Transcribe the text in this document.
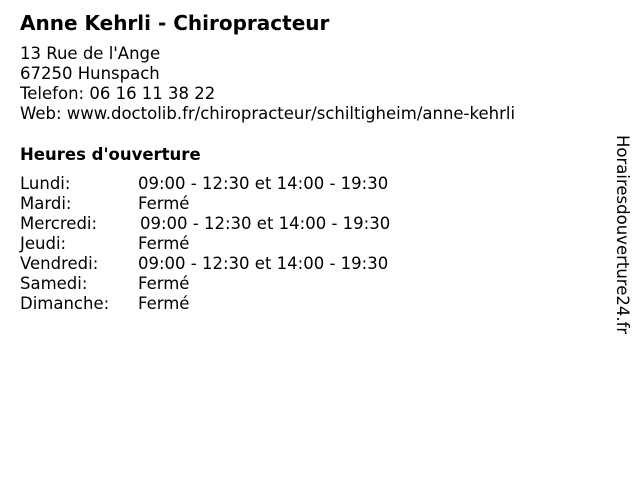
Anne Kehrli - Chiropracteur
13 Rue de l'Ange
67250 Hunspach
Telefon: 06 16 11 38 22
Web: www.doctolib.fr/chiropracteur/schiltigheim/anne-kehrli
Heures d'ouverture
Lundi:	09:00 - 12:30 et 14:00 - 19:30
Mardi:	Fermé
Mercredi:	09:00 - 12:30 et 14:00 - 19:30
Jeudi:	Fermé
Vendredi: 09:00 - 12:30 et 14:00 - 19:30
Samedi:	Fermé
Dimanche: Fermé	Horairesdouverture24.fr
